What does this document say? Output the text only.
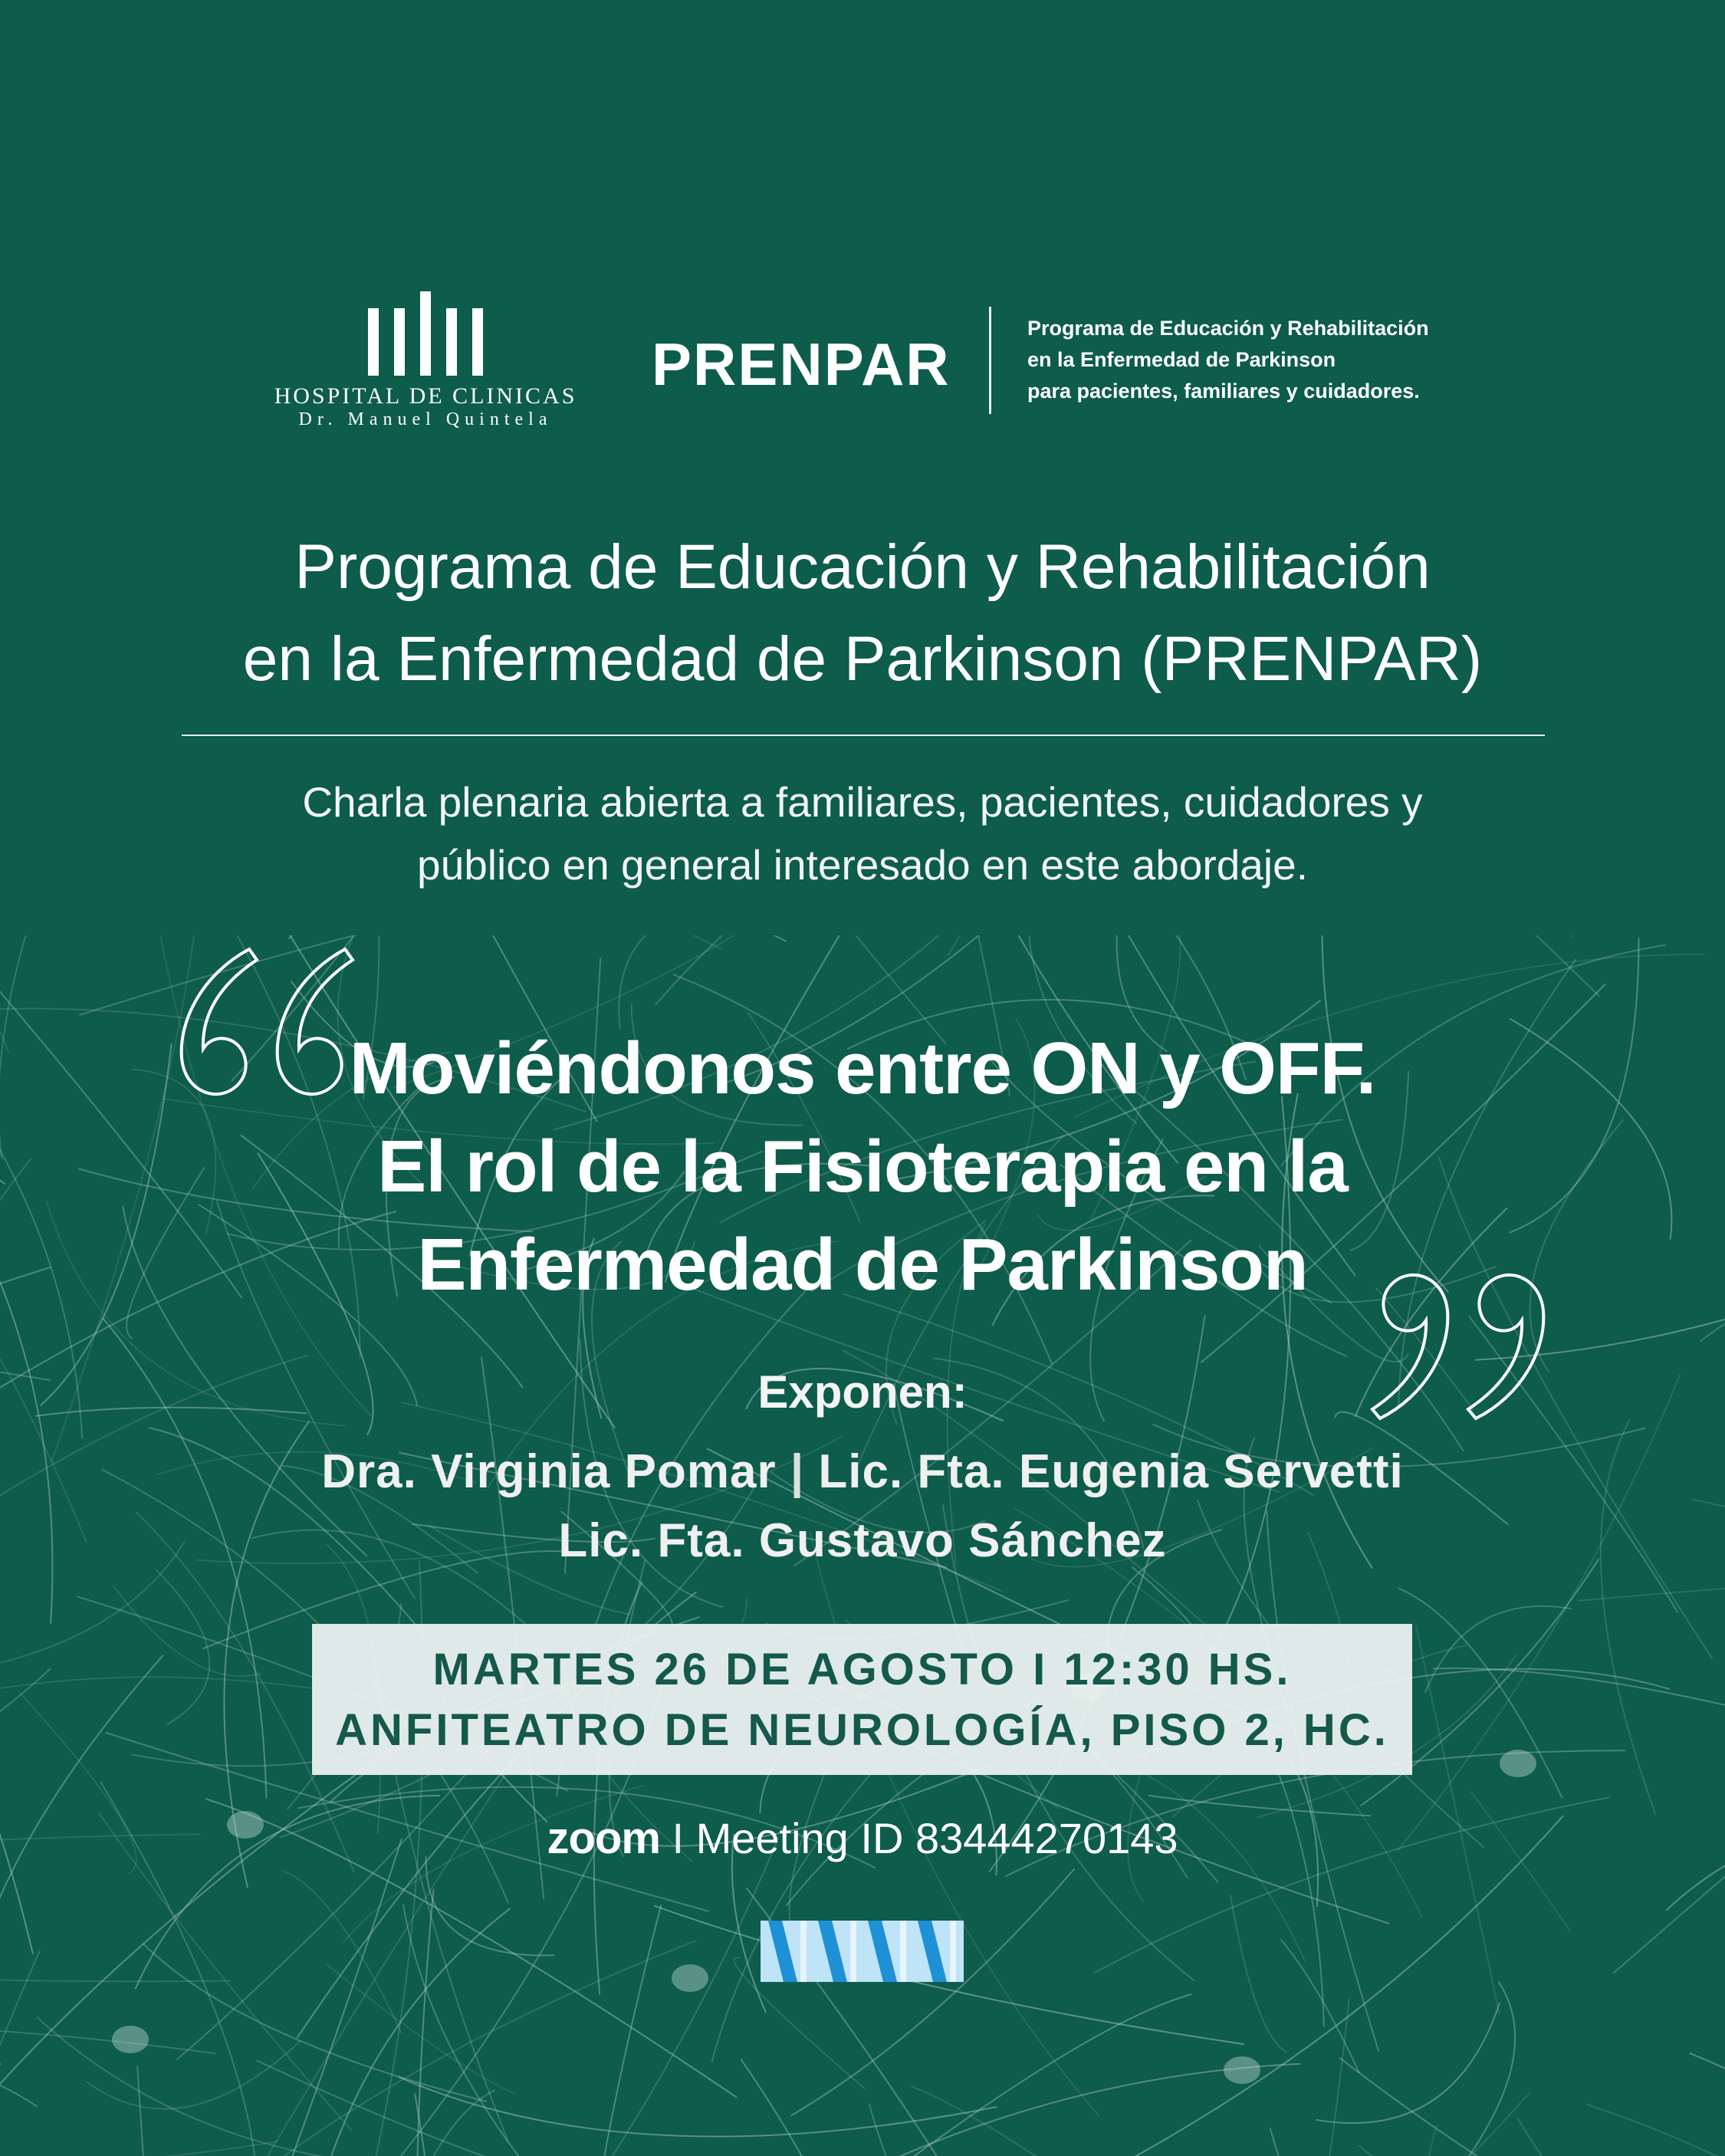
HOSPITAL DE CLINICAS
Dr. Manuel Quintela
PRENPAR
Programa de Educación y Rehabilitación
en la Enfermedad de Parkinson
para pacientes, familiares y cuidadores.
Programa de Educación y Rehabilitación
en la Enfermedad de Parkinson (PRENPAR)
Charla plenaria abierta a familiares, pacientes, cuidadores y
público en general interesado en este abordaje.
Moviéndonos entre ON y OFF.
El rol de la Fisioterapia en la
Enfermedad de Parkinson
Exponen:
Dra. Virginia Pomar | Lic. Fta. Eugenia Servetti
Lic. Fta. Gustavo Sánchez
MARTES 26 DE AGOSTO I 12:30 HS.
ANFITEATRO DE NEUROLOGÍA, PISO 2, HC.
zoom I Meeting ID 83444270143
